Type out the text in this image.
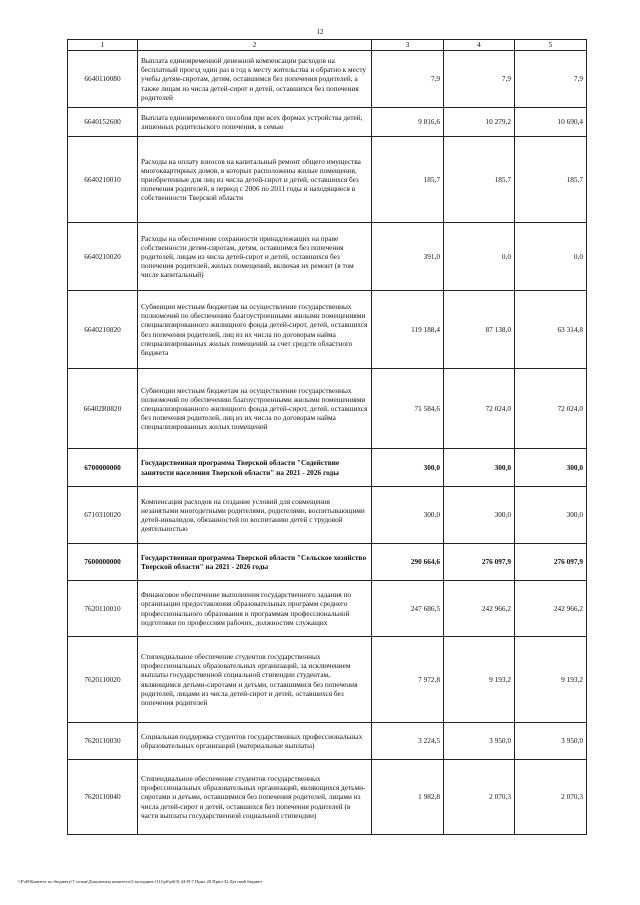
12
1	2	3	4	5
6640110080	Выплата единовременной денежной компенсации расходов на бесплатный проезд один раз в год к месту жительства и обратно к месту учебы детям-сиротам, детям, оставшимся без попечения родителей, а также лицам из числа детей-сирот и детей, оставшихся без попечения родителей	7,9	7,9	7,9
6640152600	Выплата единовременного пособия при всех формах устройства детей, лишенных родительского попечения, в семью	9 816,6	10 279,2	10 690,4
6640210010	Расходы на оплату взносов на капитальный ремонт общего имущества многоквартирных домов, в которых расположены жилые помещения, приобретенные для лиц из числа детей-сирот и детей, оставшихся без попечения родителей, в период с 2006 по 2011 годы и находящиеся в собственности Тверской области	185,7	185,7	185,7
6640210020	Расходы на обеспечение сохранности принадлежащих на праве собственности детям-сиротам, детям, оставшимся без попечения родителей, лицам из числа детей-сирот и детей, оставшихся без попечения родителей, жилых помещений, включая их ремонт (в том числе капитальный)	391,0	0,0	0,0
6640210820	Субвенции местным бюджетам на осуществление государственных полномочий по обеспечению благоустроенными жилыми помещениями специализированного жилищного фонда детей-сирот, детей, оставшихся без попечения родителей, лиц из их числа по договорам найма специализированных жилых помещений за счет средств областного бюджета	119 188,4	87 138,0	63 314,8
66402R0820	Субвенции местным бюджетам на осуществление государственных полномочий по обеспечению благоустроенными жилыми помещениями специализированного жилищного фонда детей-сирот, детей, оставшихся без попечения родителей, лиц из их числа по договорам найма специализированных жилых помещений	71 584,6	72 024,0	72 024,0
6700000000	Государственная программа Тверской области "Содействие занятости населения Тверской области" на 2021 - 2026 годы	300,0	300,0	300,0
6710310020	Компенсация расходов на создание условий для совмещения незанятыми многодетными родителями, родителями, воспитывающими детей-инвалидов, обязанностей по воспитанию детей с трудовой деятельностью	300,0	300,0	300,0
7600000000	Государственная программа Тверской области "Сельское хозяйство Тверской области" на 2021 - 2026 годы	290 664,6	276 097,9	276 097,9
7620110010	Финансовое обеспечение выполнения государственного задания по организации предоставления образовательных программ среднего профессионального образования и программам профессиональной подготовки по профессиям рабочих, должностям служащих	247 686,5	242 966,2	242 966,2
7620110020	Стипендиальное обеспечение студентов государственных профессиональных образовательных организаций, за исключением выплаты государственной социальной стипендии студентам, являющимся детьми-сиротами и детьми, оставшимися без попечения родителей, лицами из числа детей-сирот и детей, оставшихся без попечения родителей	7 972,8	9 193,2	9 193,2
7620110030	Социальная поддержка студентов государственных профессиональных образовательных организаций (материальные выплаты)	3 224,5	3 950,0	3 950,0
7620110040	Стипендиальное обеспечение студентов государственных профессиональных образовательных организаций, являющихся детьми-сиротами и детьми, оставшимися без попечения родителей, лицами из числа детей-сирот и детей, оставшихся без попечения родителей (в части выплаты государственной социальной стипендии)	1 982,8	2 070,3	2 070,3
\\F\d0\Комитет по бюджету\7 созыв\Документы комитета\3 заседание (11)\рб\рб(3) 44-П-7 Прил 20 Прил 32 Детский бюджет
